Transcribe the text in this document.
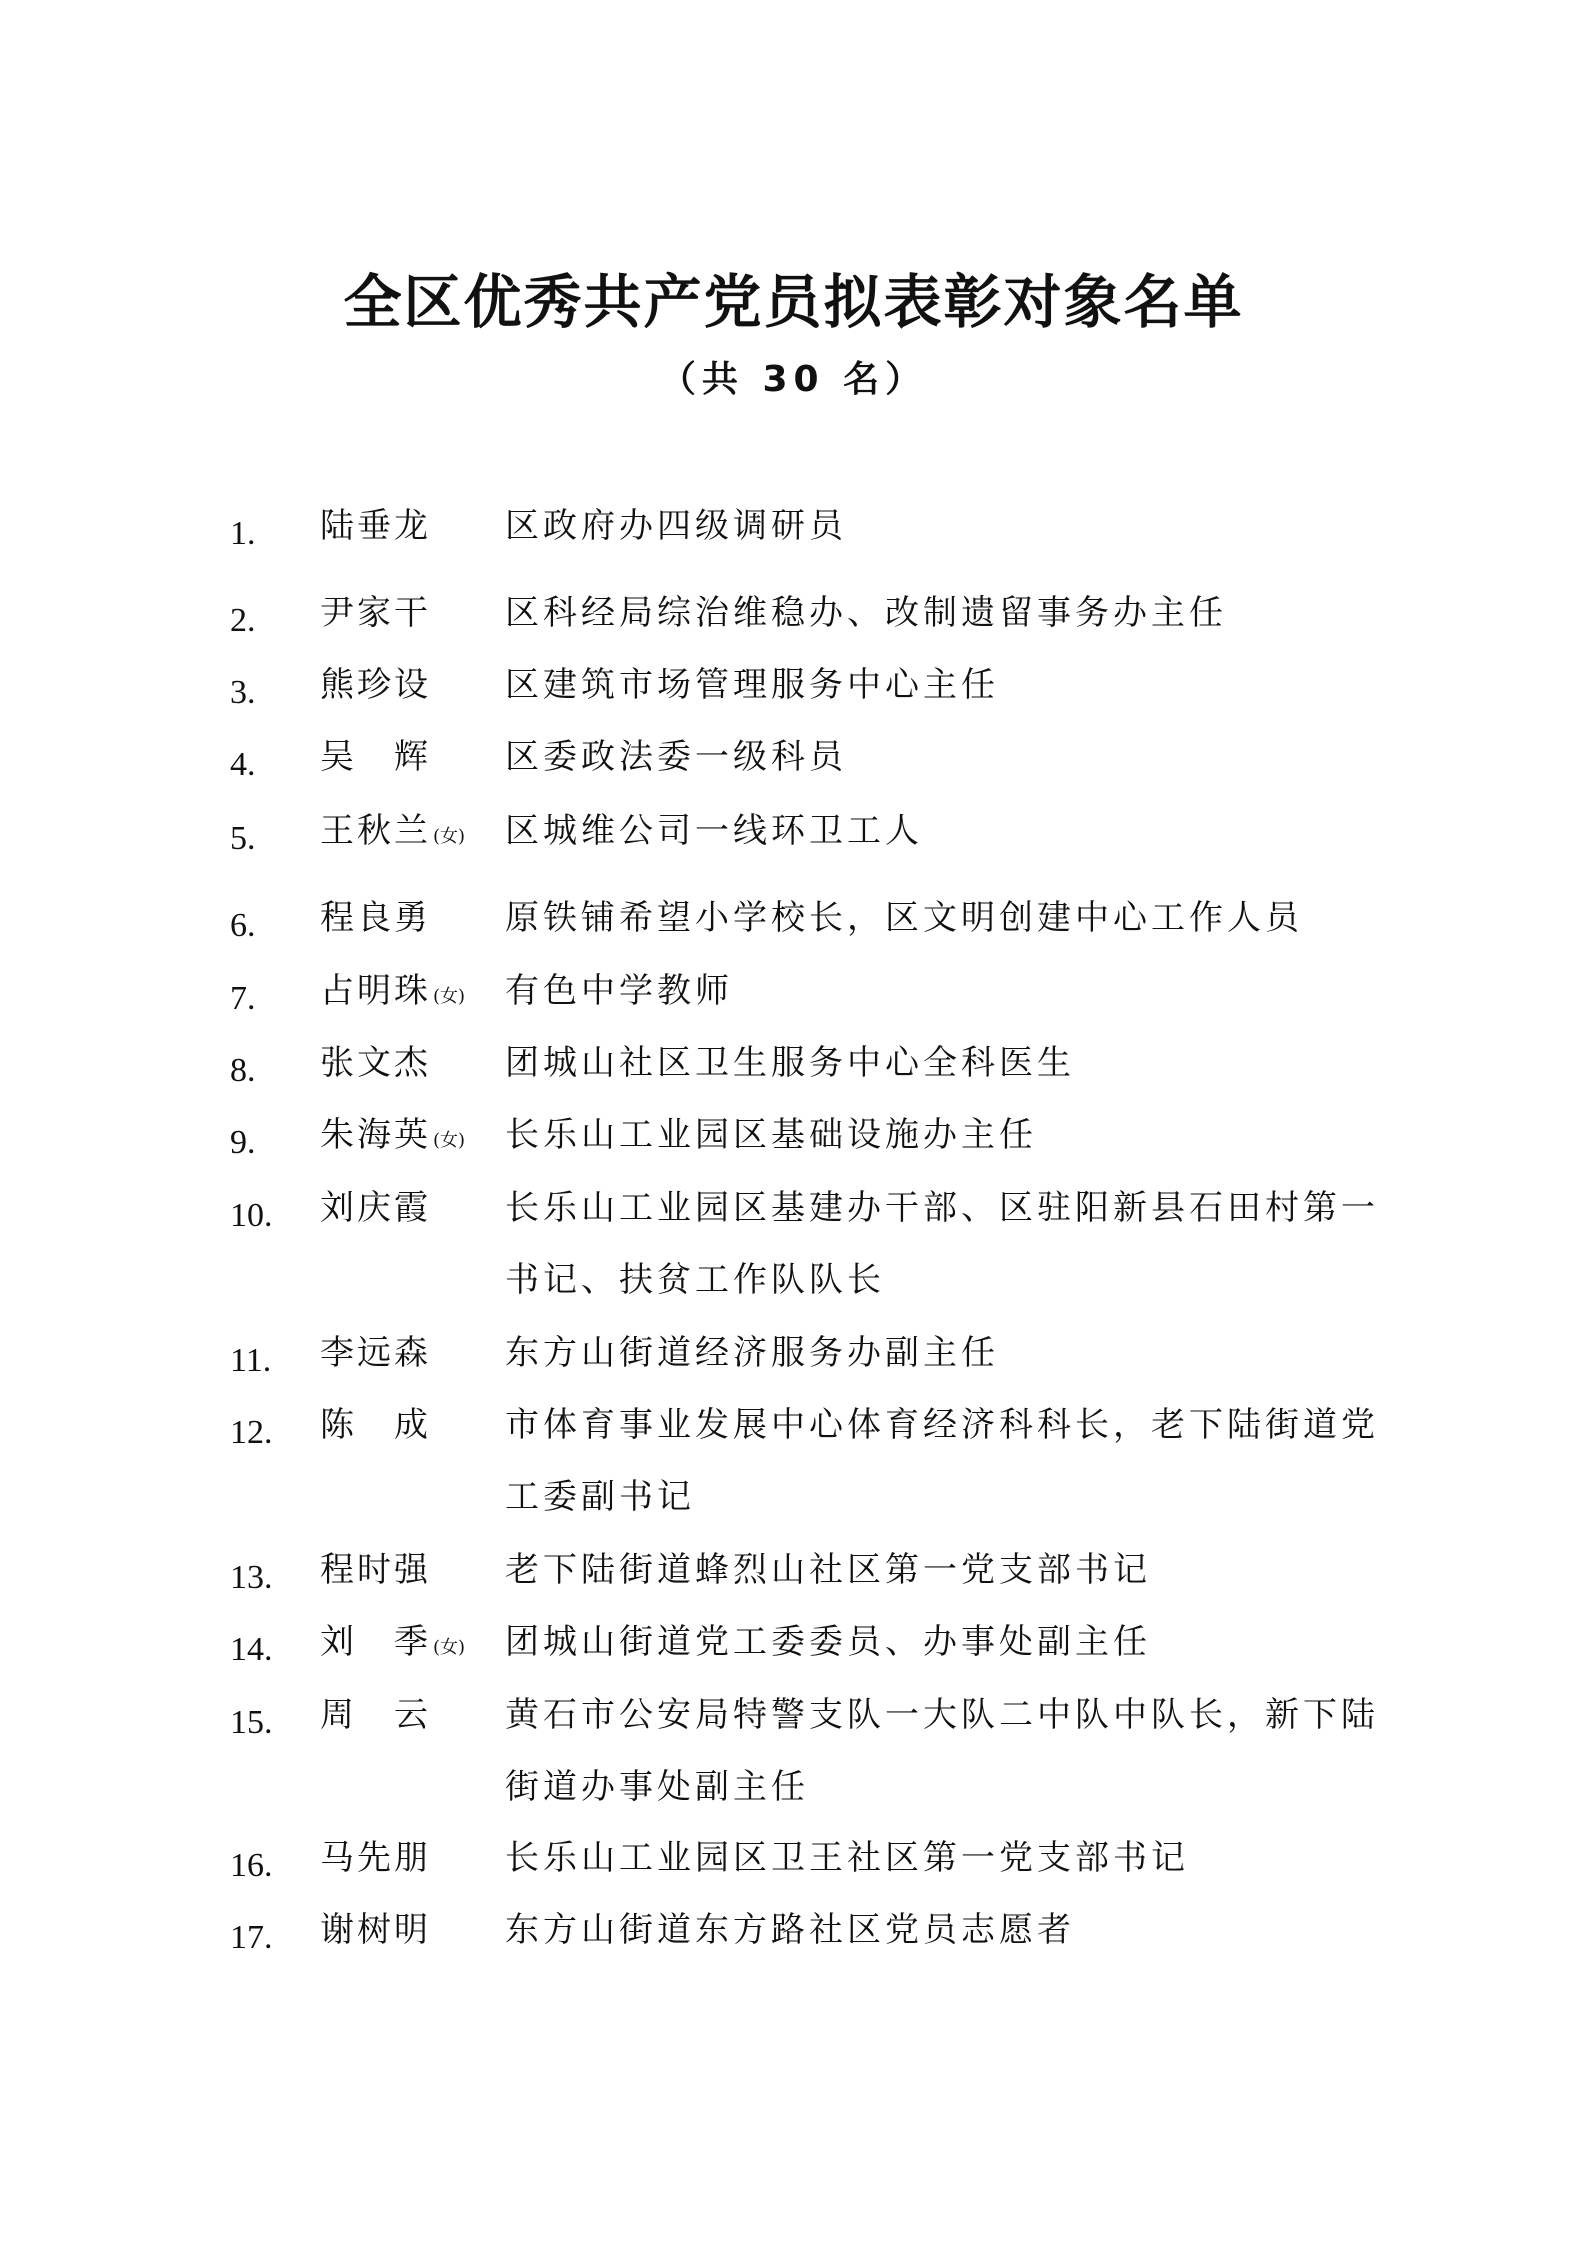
全区优秀共产党员拟表彰对象名单
（共 30 名）
1.	陆垂龙	区政府办四级调研员
2.	尹家干	区科经局综治维稳办、改制遗留事务办主任
3.	熊珍设	区建筑市场管理服务中心主任
4.	吴　辉	区委政法委一级科员
5.	王秋兰 (女)	区城维公司一线环卫工人
6.	程良勇	原铁铺希望小学校长，区文明创建中心工作人员
7.	占明珠 (女)	有色中学教师
8.	张文杰	团城山社区卫生服务中心全科医生
9.	朱海英 (女)	长乐山工业园区基础设施办主任
10.	刘庆霞	长乐山工业园区基建办干部、区驻阳新县石田村第一书记、扶贫工作队队长
11.	李远森	东方山街道经济服务办副主任
12.	陈　成	市体育事业发展中心体育经济科科长，老下陆街道党工委副书记
13.	程时强	老下陆街道蜂烈山社区第一党支部书记
14.	刘　季 (女)	团城山街道党工委委员、办事处副主任
15.	周　云	黄石市公安局特警支队一大队二中队中队长，新下陆街道办事处副主任
16.	马先朋	长乐山工业园区卫王社区第一党支部书记
17.	谢树明	东方山街道东方路社区党员志愿者
